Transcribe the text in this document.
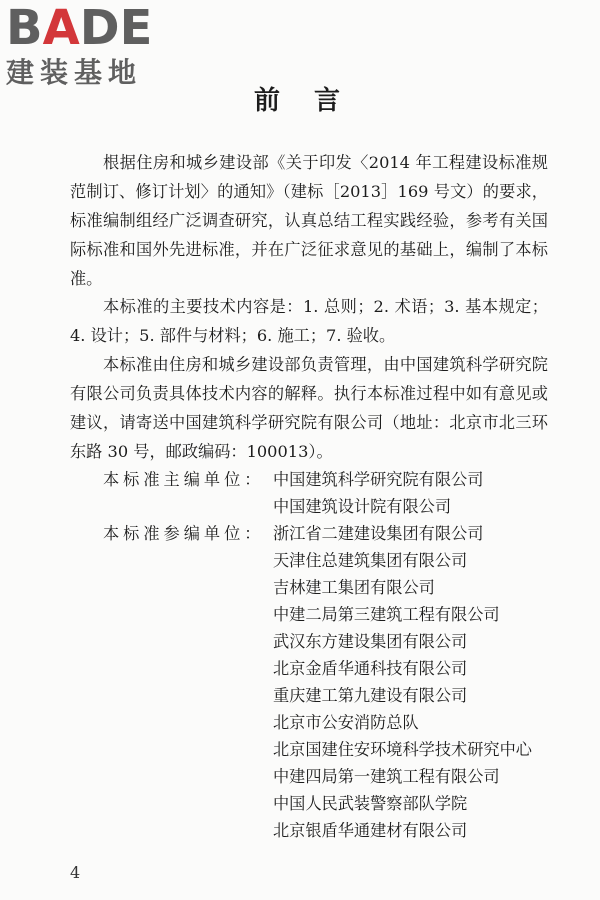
BADE
建装基地
前言

根据住房和城乡建设部《关于印发〈2014 年工程建设标准规范制订、修订计划〉的通知》（建标［2013］169 号文）的要求，标准编制组经广泛调查研究，认真总结工程实践经验，参考有关国际标准和国外先进标准，并在广泛征求意见的基础上，编制了本标准。

本标准的主要技术内容是：1. 总则；2. 术语；3. 基本规定；4. 设计；5. 部件与材料；6. 施工；7. 验收。

本标准由住房和城乡建设部负责管理，由中国建筑科学研究院有限公司负责具体技术内容的解释。执行本标准过程中如有意见或建议，请寄送中国建筑科学研究院有限公司（地址：北京市北三环东路 30 号，邮政编码：100013）。

本标准主编单位： 中国建筑科学研究院有限公司
中国建筑设计院有限公司
本标准参编单位： 浙江省二建建设集团有限公司
天津住总建筑集团有限公司
吉林建工集团有限公司
中建二局第三建筑工程有限公司
武汉东方建设集团有限公司
北京金盾华通科技有限公司
重庆建工第九建设有限公司
北京市公安消防总队
北京国建住安环境科学技术研究中心
中建四局第一建筑工程有限公司
中国人民武装警察部队学院
北京银盾华通建材有限公司
4
